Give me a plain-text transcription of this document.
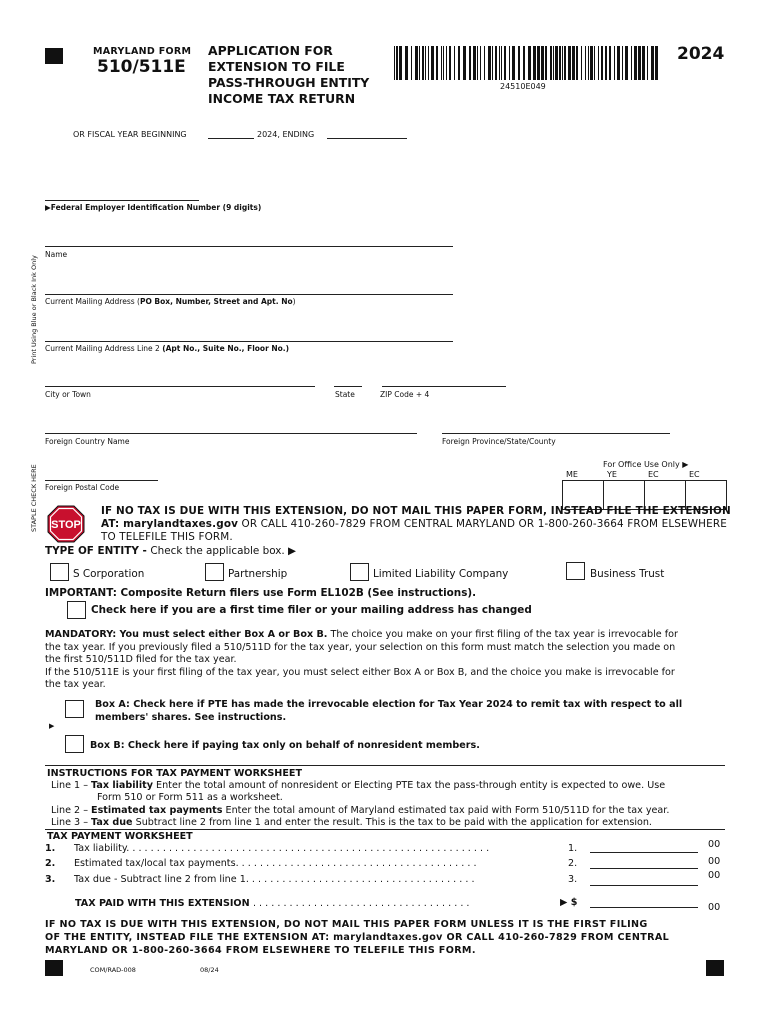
MARYLAND FORM
510/511E
APPLICATION FOR
EXTENSION TO FILE
PASS-THROUGH ENTITY
INCOME TAX RETURN
24510E049
2024
OR FISCAL YEAR BEGINNING	2024, ENDING
Print Using Blue or Black Ink Only
STAPLE CHECK HERE
▶Federal Employer Identification Number (9 digits)
Name
Current Mailing Address (PO Box, Number, Street and Apt. No)
Current Mailing Address Line 2 (Apt No., Suite No., Floor No.)
City or Town	State	ZIP Code + 4
Foreign Country Name	Foreign Province/State/County
Foreign Postal Code
For Office Use Only ▶
ME	YE	EC	EC

STOP
IF NO TAX IS DUE WITH THIS EXTENSION, DO NOT MAIL THIS PAPER FORM, INSTEAD FILE THE EXTENSION
AT: marylandtaxes.gov OR CALL 410-260-7829 FROM CENTRAL MARYLAND OR 1-800-260-3664 FROM ELSEWHERE
TO TELEFILE THIS FORM.
TYPE OF ENTITY - Check the applicable box. ▶
S Corporation	Partnership	Limited Liability Company	Business Trust
IMPORTANT: Composite Return filers use Form EL102B (See instructions).
Check here if you are a first time filer or your mailing address has changed
MANDATORY: You must select either Box A or Box B. The choice you make on your first filing of the tax year is irrevocable for
the tax year. If you previously filed a 510/511D for the tax year, your selection on this form must match the selection you made on
the first 510/511D filed for the tax year.
If the 510/511E is your first filing of the tax year, you must select either Box A or Box B, and the choice you make is irrevocable for
the tax year.
▶
Box A: Check here if PTE has made the irrevocable election for Tax Year 2024 to remit tax with respect to all
members' shares. See instructions.
Box B: Check here if paying tax only on behalf of nonresident members.
INSTRUCTIONS FOR TAX PAYMENT WORKSHEET
Line 1 – Tax liability Enter the total amount of nonresident or Electing PTE tax the pass-through entity is expected to owe. Use
Form 510 or Form 511 as a worksheet.
Line 2 – Estimated tax payments Enter the total amount of Maryland estimated tax paid with Form 510/511D for the tax year.
Line 3 – Tax due Subtract line 2 from line 1 and enter the result. This is the tax to be paid with the application for extension.
TAX PAYMENT WORKSHEET
1. Tax liability. . . . . . . . . . . . . . . . . . . . . . . . . . . . . . . . . . . . . . . . . . . . . . . . . . . . . . . . . . . .	1.	00
2. Estimated tax/local tax payments. . . . . . . . . . . . . . . . . . . . . . . . . . . . . . . . . . . . . . . .	2.	00
3. Tax due - Subtract line 2 from line 1. . . . . . . . . . . . . . . . . . . . . . . . . . . . . . . . . . . . . .	3.	00
TAX PAID WITH THIS EXTENSION . . . . . . . . . . . . . . . . . . . . . . . . . . . . . . . . . . . .	▶ $	00
IF NO TAX IS DUE WITH THIS EXTENSION, DO NOT MAIL THIS PAPER FORM UNLESS IT IS THE FIRST FILING
OF THE ENTITY, INSTEAD FILE THE EXTENSION AT: marylandtaxes.gov OR CALL 410-260-7829 FROM CENTRAL
MARYLAND OR 1-800-260-3664 FROM ELSEWHERE TO TELEFILE THIS FORM.
COM/RAD-008	08/24
